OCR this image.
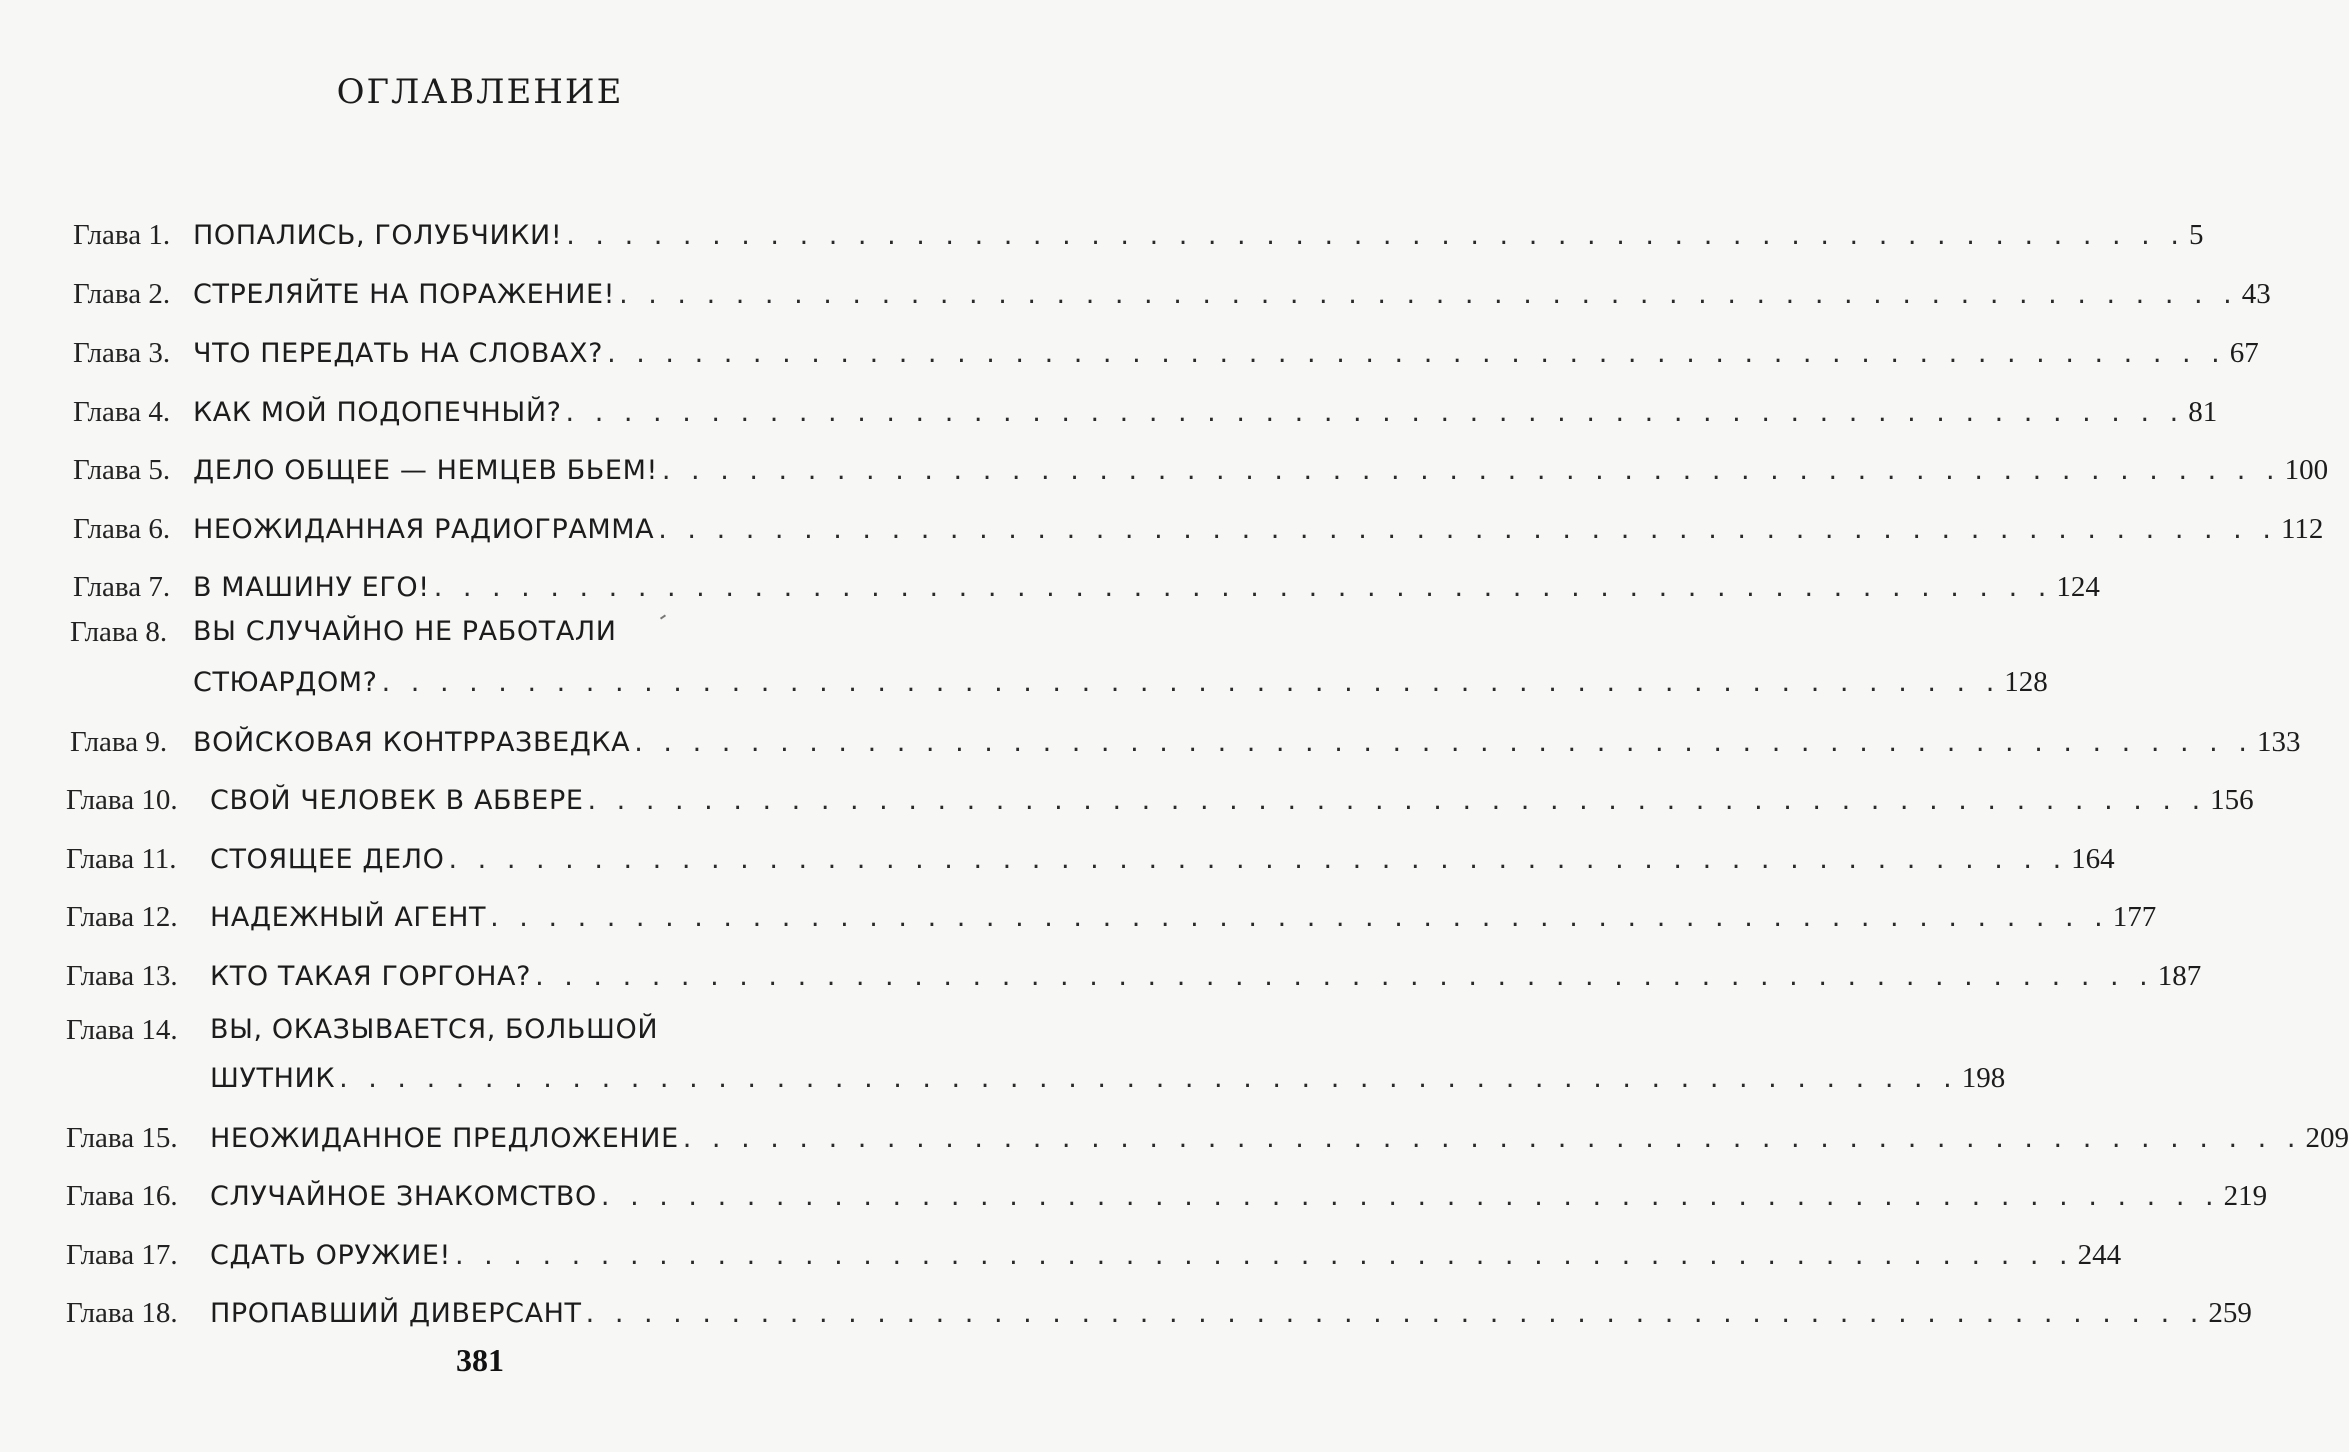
ОГЛАВЛЕНИЕ
Глава 1. ПОПАЛИСЬ, ГОЛУБЧИКИ! . . . . . . . . . . . . . . . . . . . . . . . . . . . . . . . . . . . . . . . . . . . . . . . . . . . . . . . . 5
Глава 2. СТРЕЛЯЙТЕ НА ПОРАЖЕНИЕ! . . . . . . . . . . . . . . . . . . . . . . . . . . . . . . . . . . . . . . . . . . . . . . . . . . . . . . . . 43
Глава 3. ЧТО ПЕРЕДАТЬ НА СЛОВАХ? . . . . . . . . . . . . . . . . . . . . . . . . . . . . . . . . . . . . . . . . . . . . . . . . . . . . . . . . 67
Глава 4. КАК МОЙ ПОДОПЕЧНЫЙ? . . . . . . . . . . . . . . . . . . . . . . . . . . . . . . . . . . . . . . . . . . . . . . . . . . . . . . . . 81
Глава 5. ДЕЛО ОБЩЕЕ — НЕМЦЕВ БЬЕМ! . . . . . . . . . . . . . . . . . . . . . . . . . . . . . . . . . . . . . . . . . . . . . . . . . . . . . . . . 100
Глава 6. НЕОЖИДАННАЯ РАДИОГРАММА . . . . . . . . . . . . . . . . . . . . . . . . . . . . . . . . . . . . . . . . . . . . . . . . . . . . . . . . 112
Глава 7. В МАШИНУ ЕГО! . . . . . . . . . . . . . . . . . . . . . . . . . . . . . . . . . . . . . . . . . . . . . . . . . . . . . . . . 124
Глава 8. ВЫ СЛУЧАЙНО НЕ РАБОТАЛИ
СТЮАРДОМ? . . . . . . . . . . . . . . . . . . . . . . . . . . . . . . . . . . . . . . . . . . . . . . . . . . . . . . . . 128
Глава 9. ВОЙСКОВАЯ КОНТРРАЗВЕДКА . . . . . . . . . . . . . . . . . . . . . . . . . . . . . . . . . . . . . . . . . . . . . . . . . . . . . . . . 133
Глава 10. СВОЙ ЧЕЛОВЕК В АБВЕРЕ . . . . . . . . . . . . . . . . . . . . . . . . . . . . . . . . . . . . . . . . . . . . . . . . . . . . . . . . 156
Глава 11. СТОЯЩЕЕ ДЕЛО . . . . . . . . . . . . . . . . . . . . . . . . . . . . . . . . . . . . . . . . . . . . . . . . . . . . . . . . 164
Глава 12. НАДЕЖНЫЙ АГЕНТ . . . . . . . . . . . . . . . . . . . . . . . . . . . . . . . . . . . . . . . . . . . . . . . . . . . . . . . . 177
Глава 13. КТО ТАКАЯ ГОРГОНА? . . . . . . . . . . . . . . . . . . . . . . . . . . . . . . . . . . . . . . . . . . . . . . . . . . . . . . . . 187
Глава 14. ВЫ, ОКАЗЫВАЕТСЯ, БОЛЬШОЙ
ШУТНИК . . . . . . . . . . . . . . . . . . . . . . . . . . . . . . . . . . . . . . . . . . . . . . . . . . . . . . . . 198
Глава 15. НЕОЖИДАННОЕ ПРЕДЛОЖЕНИЕ . . . . . . . . . . . . . . . . . . . . . . . . . . . . . . . . . . . . . . . . . . . . . . . . . . . . . . . . 209
Глава 16. СЛУЧАЙНОЕ ЗНАКОМСТВО . . . . . . . . . . . . . . . . . . . . . . . . . . . . . . . . . . . . . . . . . . . . . . . . . . . . . . . . 219
Глава 17. СДАТЬ ОРУЖИЕ! . . . . . . . . . . . . . . . . . . . . . . . . . . . . . . . . . . . . . . . . . . . . . . . . . . . . . . . . 244
Глава 18. ПРОПАВШИЙ ДИВЕРСАНТ . . . . . . . . . . . . . . . . . . . . . . . . . . . . . . . . . . . . . . . . . . . . . . . . . . . . . . . . 259
381
